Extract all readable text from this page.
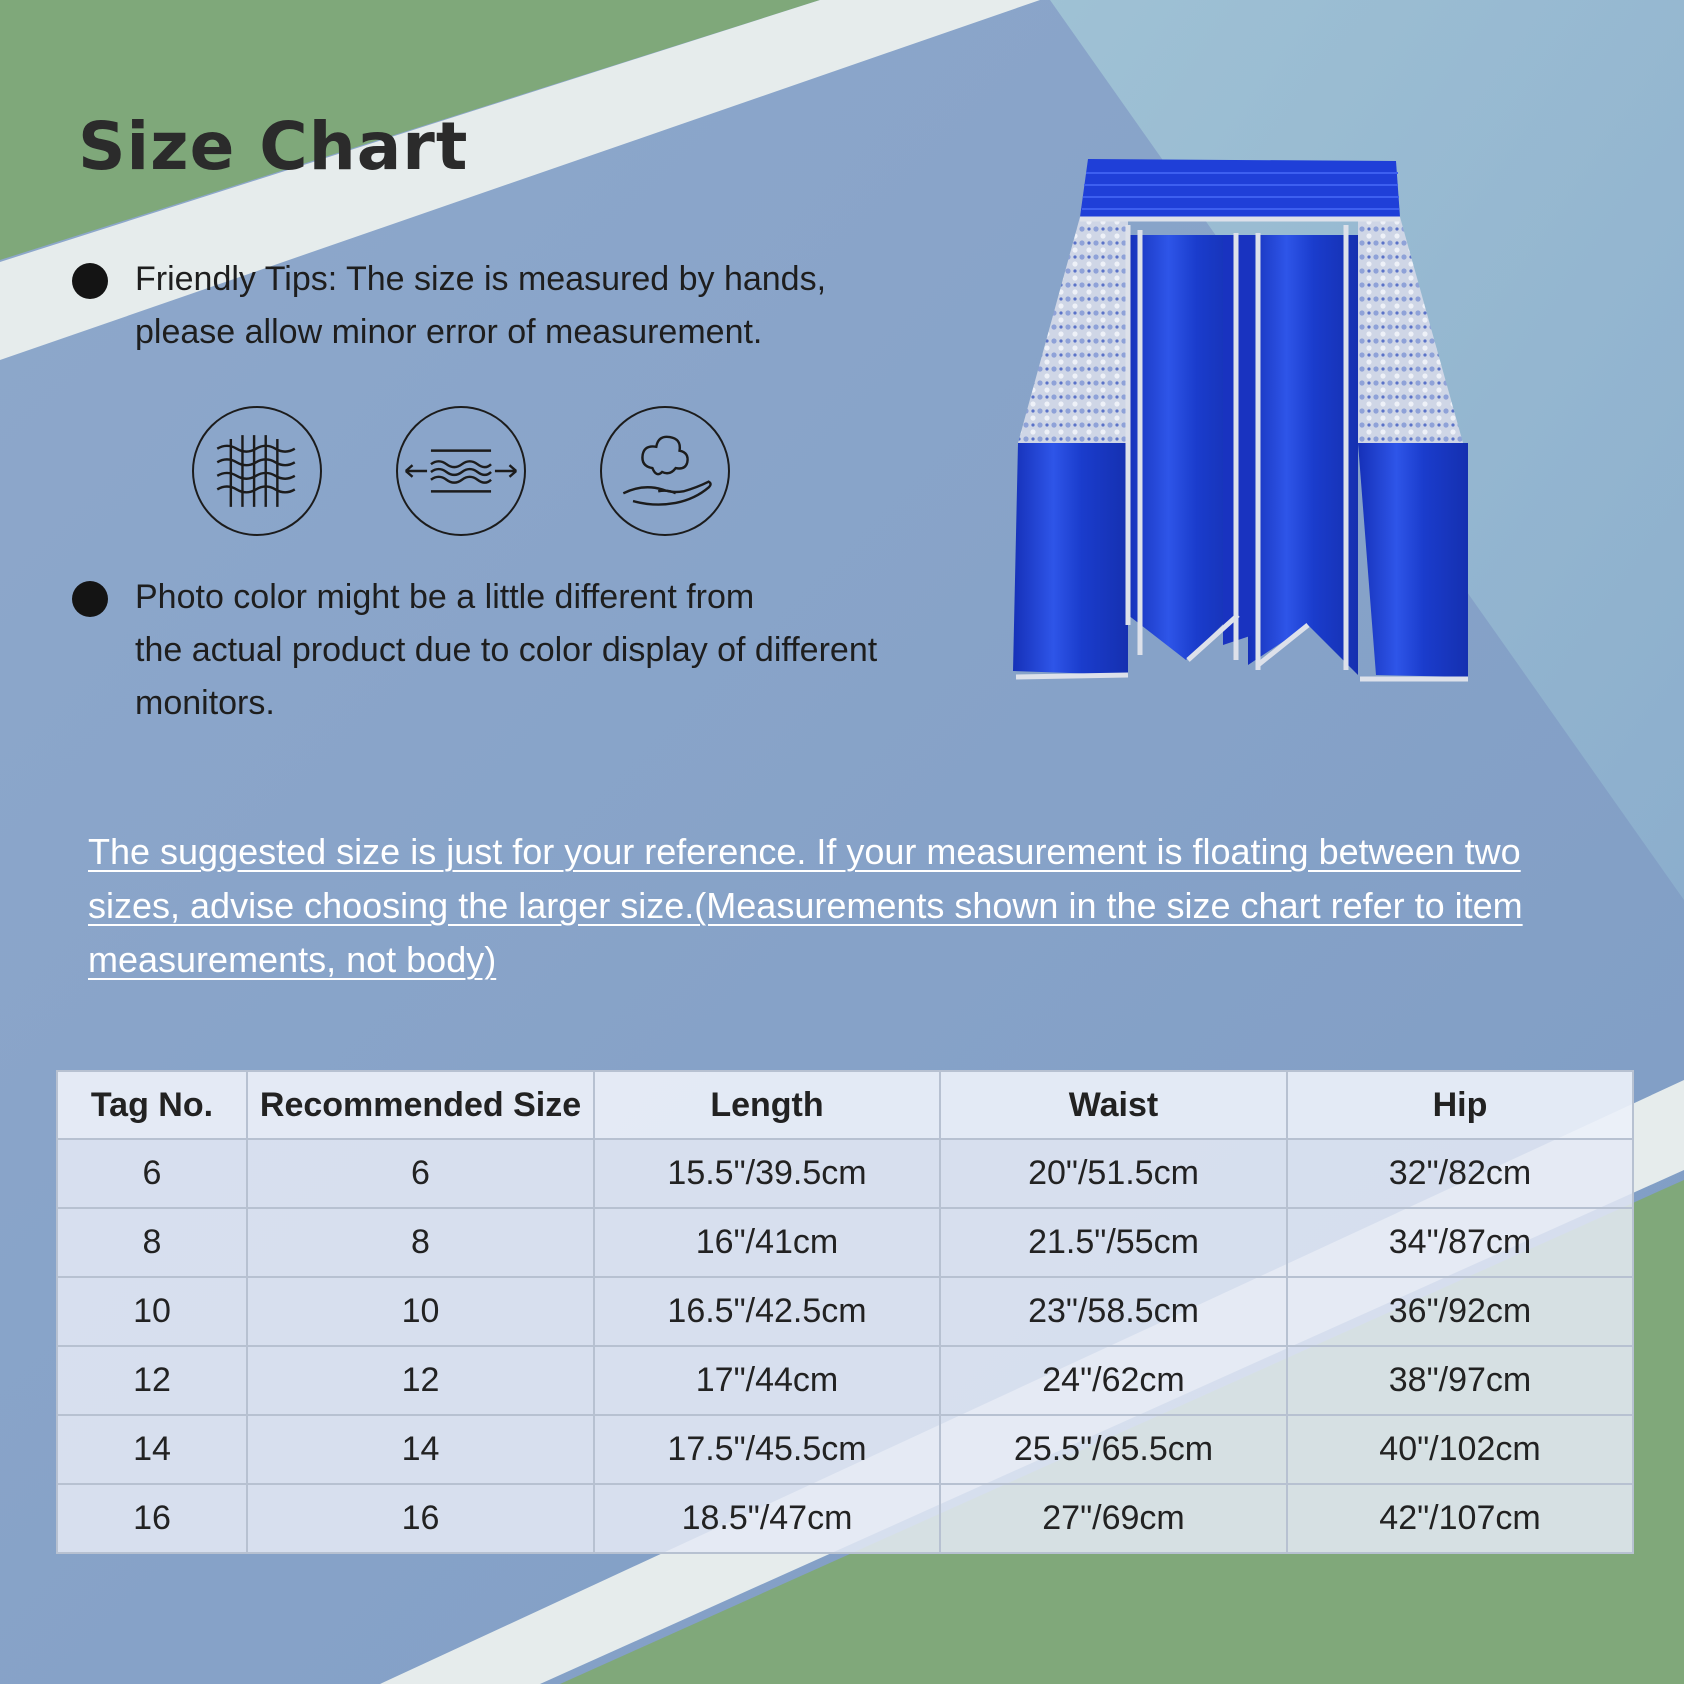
Size Chart
Friendly Tips: The size is measured by hands,
please allow minor error of measurement.
Photo color might be a little different from
the actual product due to color display of different
monitors.
The suggested size is just for your reference. If your measurement is floating between two sizes, advise choosing the larger size.(Measurements shown in the size chart refer to item measurements, not body)
Tag No.	Recommended Size	Length	Waist	Hip
6	6	15.5"/39.5cm	20"/51.5cm	32"/82cm
8	8	16"/41cm	21.5"/55cm	34"/87cm
10	10	16.5"/42.5cm	23"/58.5cm	36"/92cm
12	12	17"/44cm	24"/62cm	38"/97cm
14	14	17.5"/45.5cm	25.5"/65.5cm	40"/102cm
16	16	18.5"/47cm	27"/69cm	42"/107cm
